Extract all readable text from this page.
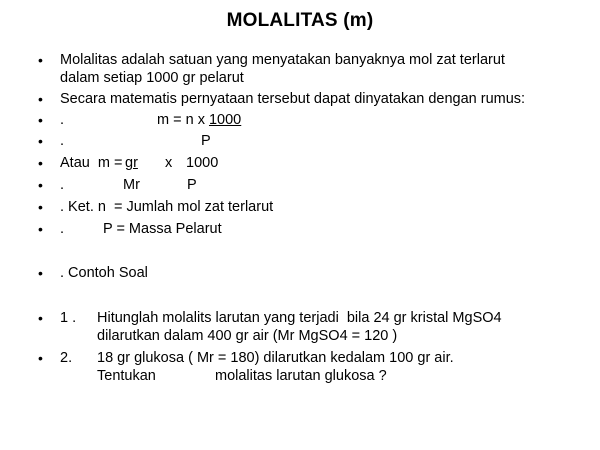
MOLALITAS (m)
• Molalitas adalah satuan yang menyatakan banyaknya mol zat terlarut
dalam setiap 1000 gr pelarut
• Secara matematis pernyataan tersebut dapat dinyatakan dengan rumus:
• .	m = n x 1000
• .	P
• Atau  m =
gr x 1000
• .	Mr	P
• . Ket. n  = Jumlah mol zat terlarut
• .	P = Massa Pelarut
• . Contoh Soal
• 1 . Hitunglah molalits larutan yang terjadi  bila 24 gr kristal MgSO4
dilarutkan dalam 400 gr air (Mr MgSO4 = 120 )
• 2. 18 gr glukosa ( Mr = 180) dilarutkan kedalam 100 gr air.
Tentukan	molalitas larutan glukosa ?
